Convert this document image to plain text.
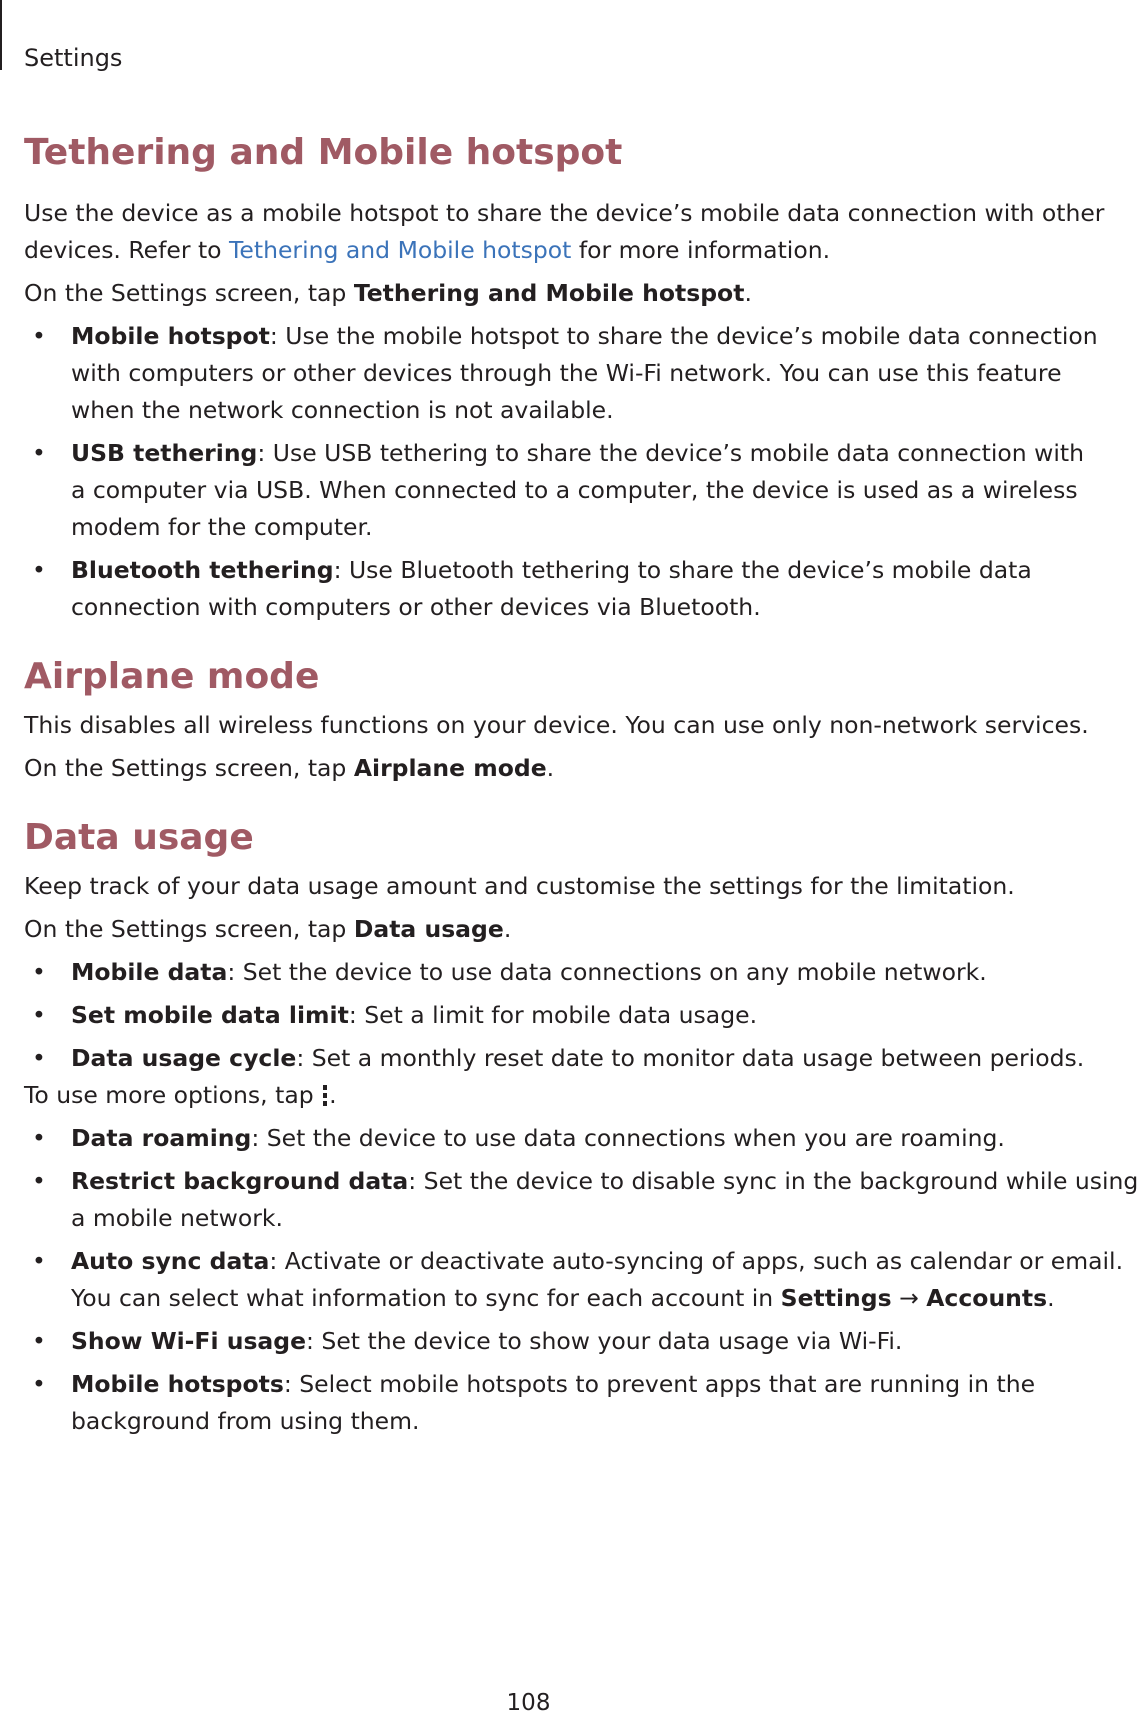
Settings
Tethering and Mobile hotspot

Use the device as a mobile hotspot to share the device’s mobile data connection with other

devices. Refer to Tethering and Mobile hotspot for more information.

On the Settings screen, tap Tethering and Mobile hotspot.

• Mobile hotspot: Use the mobile hotspot to share the device’s mobile data connection
with computers or other devices through the Wi-Fi network. You can use this feature
when the network connection is not available.
• USB tethering: Use USB tethering to share the device’s mobile data connection with
a computer via USB. When connected to a computer, the device is used as a wireless
modem for the computer.
• Bluetooth tethering: Use Bluetooth tethering to share the device’s mobile data
connection with computers or other devices via Bluetooth.
Airplane mode

This disables all wireless functions on your device. You can use only non-network services.

On the Settings screen, tap Airplane mode.

Data usage

Keep track of your data usage amount and customise the settings for the limitation.

On the Settings screen, tap Data usage.

• Mobile data: Set the device to use data connections on any mobile network.
• Set mobile data limit: Set a limit for mobile data usage.
• Data usage cycle: Set a monthly reset date to monitor data usage between periods.

To use more options, tap
.

• Data roaming: Set the device to use data connections when you are roaming.
• Restrict background data: Set the device to disable sync in the background while using
a mobile network.
• Auto sync data: Activate or deactivate auto-syncing of apps, such as calendar or email.
You can select what information to sync for each account in Settings → Accounts.
• Show Wi-Fi usage: Set the device to show your data usage via Wi-Fi.
• Mobile hotspots: Select mobile hotspots to prevent apps that are running in the
background from using them.
108
